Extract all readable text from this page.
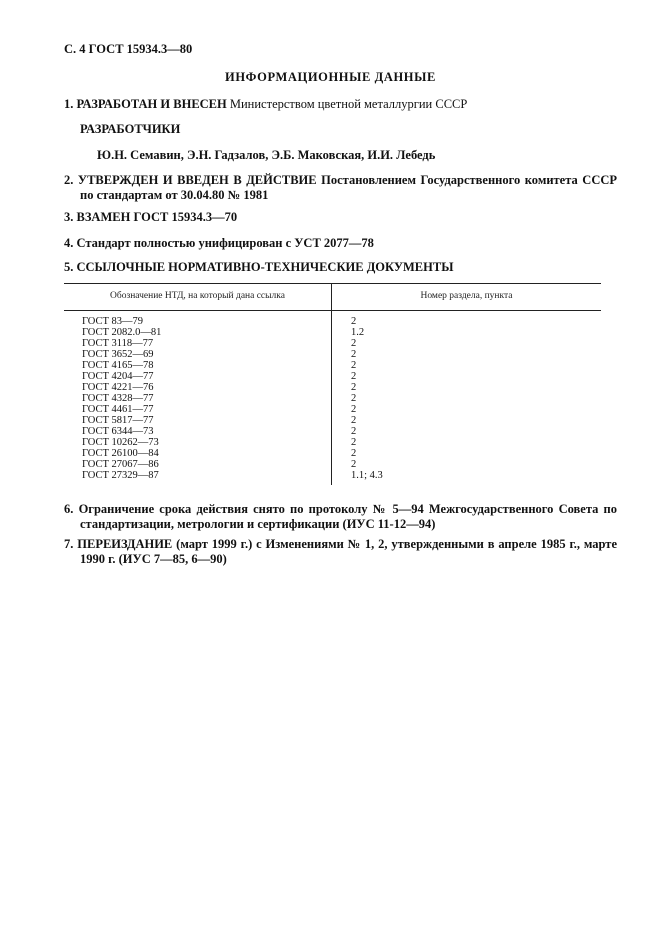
С. 4 ГОСТ 15934.3—80
ИНФОРМАЦИОННЫЕ ДАННЫЕ
1. РАЗРАБОТАН И ВНЕСЕН Министерством цветной металлургии СССР
РАЗРАБОТЧИКИ
Ю.Н. Семавин, Э.Н. Гадзалов, Э.Б. Маковская, И.И. Лебедь
2. УТВЕРЖДЕН И ВВЕДЕН В ДЕЙСТВИЕ Постановлением Государственного комитета СССР по стандартам от 30.04.80 № 1981
3. ВЗАМЕН ГОСТ 15934.3—70
4. Стандарт полностью унифицирован с УСТ 2077—78
5. ССЫЛОЧНЫЕ НОРМАТИВНО-ТЕХНИЧЕСКИЕ ДОКУМЕНТЫ
Обозначение НТД, на который дана ссылка	Номер раздела, пункта
ГОСТ 83—79	2
ГОСТ 2082.0—81	1.2
ГОСТ 3118—77	2
ГОСТ 3652—69	2
ГОСТ 4165—78	2
ГОСТ 4204—77	2
ГОСТ 4221—76	2
ГОСТ 4328—77	2
ГОСТ 4461—77	2
ГОСТ 5817—77	2
ГОСТ 6344—73	2
ГОСТ 10262—73	2
ГОСТ 26100—84	2
ГОСТ 27067—86	2
ГОСТ 27329—87	1.1; 4.3
6. Ограничение срока действия снято по протоколу № 5—94 Межгосударственного Совета по стандартизации, метрологии и сертификации (ИУС 11-12—94)
7. ПЕРЕИЗДАНИЕ (март 1999 г.) с Изменениями № 1, 2, утвержденными в апреле 1985 г., марте 1990 г. (ИУС 7—85, 6—90)
